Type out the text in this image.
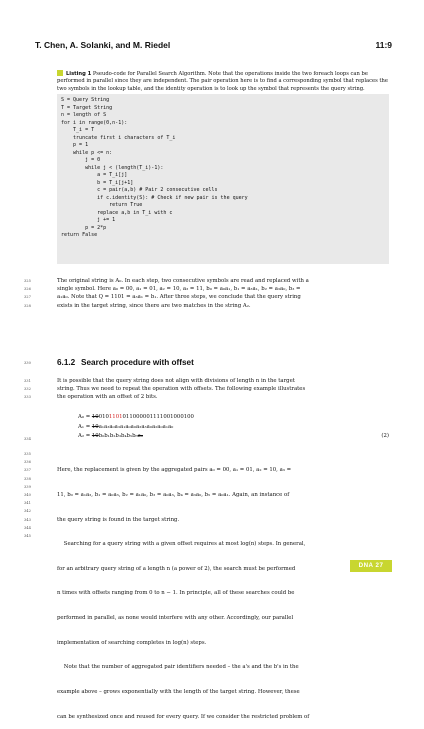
T. Chen, A. Solanki, and M. Riedel	11:9
Listing 1 Pseudo-code for Parallel Search Algorithm. Note that the operations inside the two foreach loops can be performed in parallel since they are independent. The pair operation here is to find a corresponding symbol that replaces the two symbols in the lookup table, and the identity operation is to look up the symbol that represents the query string.
S = Query String
T = Target String
n = length of S
for i in range(0,n-1):
T_i = T
truncate first i characters of T_i
p = 1
while p <= n:
j = 0
while j < (length(T_i)-1):
a = T_i[j]
b = T_i[j+1]
c = pair(a,b) # Pair 2 consecutive cells
if c.identity(S): # Check if new pair is the query
return True
replace a,b in T_i with c
j += 1
p = 2*p
return False
325
326
327
328
The original string is A₀. In each step, two consecutive symbols are read and replaced with a
single symbol. Here a₀ = 00, a₁ = 01, a₂ = 10, a₃ = 11, b₀ = a₀a₁, b₁ = a₃a₁, b₂ = a₃a₀, b₃ =
a₁a₀. Note that Q = 1101 = a₃a₁ = b₁. After three steps, we conclude that the query string
exists in the target string, since there are two matches in the string A₂.
330	6.1.2 Search procedure with offset
331
332
333
It is possible that the query string does not align with divisions of length n in the target
string. Thus we need to repeat the operation with offsets. The following example illustrates
the operation with an offset of 2 bits.
334
A₀ = 100101101011000001111001000100
A₁ = 10a₁a₃a₀a₃a₁a₀a₀a₃a₃a₀a₂a₀a₁a₀
A₂ = 10b₀b₁b₂b₃b₄b₅b₆a₀	(2)
335
336
337
338
339
340
341
342
343
344
345

Here, the replacement is given by the aggregated pairs a₀ = 00, a₁ = 01, a₂ = 10, a₃ =

11, b₀ = a₁a₃, b₁ = a₀a₃, b₂ = a₁a₀, b₃ = a₀a₃, b₄ = a₃a₀, b₅ = a₀a₁. Again, an instance of

the query string is found in the target string.

Searching for a query string with a given offset requires at most log(n) steps. In general,

for an arbitrary query string of a length n (a power of 2), the search must be performed

n times with offsets ranging from 0 to n − 1. In principle, all of these searches could be

performed in parallel, as none would interfere with any other. Accordingly, our parallel

implementation of searching completes in log(n) steps.

Note that the number of aggregated pair identifiers needed – the a's and the b's in the

example above – grows exponentially with the length of the target string. However, these

can be synthesized once and reused for every query. If we consider the restricted problem of

DNA 27
